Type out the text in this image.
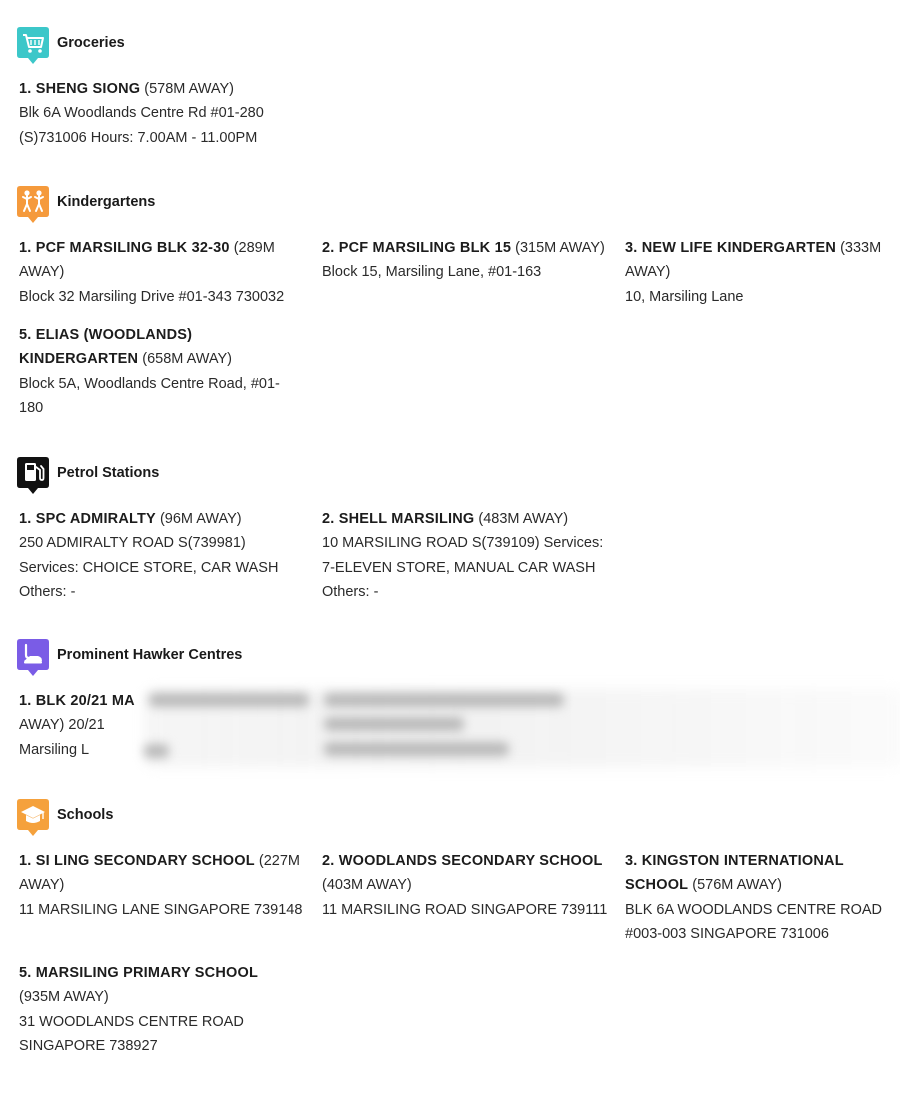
Groceries
1. SHENG SIONG (578M AWAY)
Blk 6A Woodlands Centre Rd #01-280 (S)731006 Hours: 7.00AM - 11.00PM
Kindergartens
1. PCF MARSILING BLK 32-30 (289M AWAY)
Block 32 Marsiling Drive #01-343 730032
2. PCF MARSILING BLK 15 (315M AWAY)
Block 15, Marsiling Lane, #01-163
3. NEW LIFE KINDERGARTEN (333M AWAY)
10, Marsiling Lane
5. ELIAS (WOODLANDS) KINDERGARTEN (658M AWAY)
Block 5A, Woodlands Centre Road, #01-180
Petrol Stations
1. SPC ADMIRALTY (96M AWAY)
250 ADMIRALTY ROAD S(739981) Services: CHOICE STORE, CAR WASH Others: -
2. SHELL MARSILING (483M AWAY)
10 MARSILING ROAD S(739109) Services: 7-ELEVEN STORE, MANUAL CAR WASH Others: -
Prominent Hawker Centres
1. BLK 20/21 MA
AWAY) 20/21 Marsiling L
Schools
1. SI LING SECONDARY SCHOOL (227M AWAY)
11 MARSILING LANE SINGAPORE 739148
2. WOODLANDS SECONDARY SCHOOL (403M AWAY)
11 MARSILING ROAD SINGAPORE 739111
3. KINGSTON INTERNATIONAL SCHOOL (576M AWAY)
BLK 6A WOODLANDS CENTRE ROAD #003-003 SINGAPORE 731006
5. MARSILING PRIMARY SCHOOL (935M AWAY)
31 WOODLANDS CENTRE ROAD SINGAPORE 738927
